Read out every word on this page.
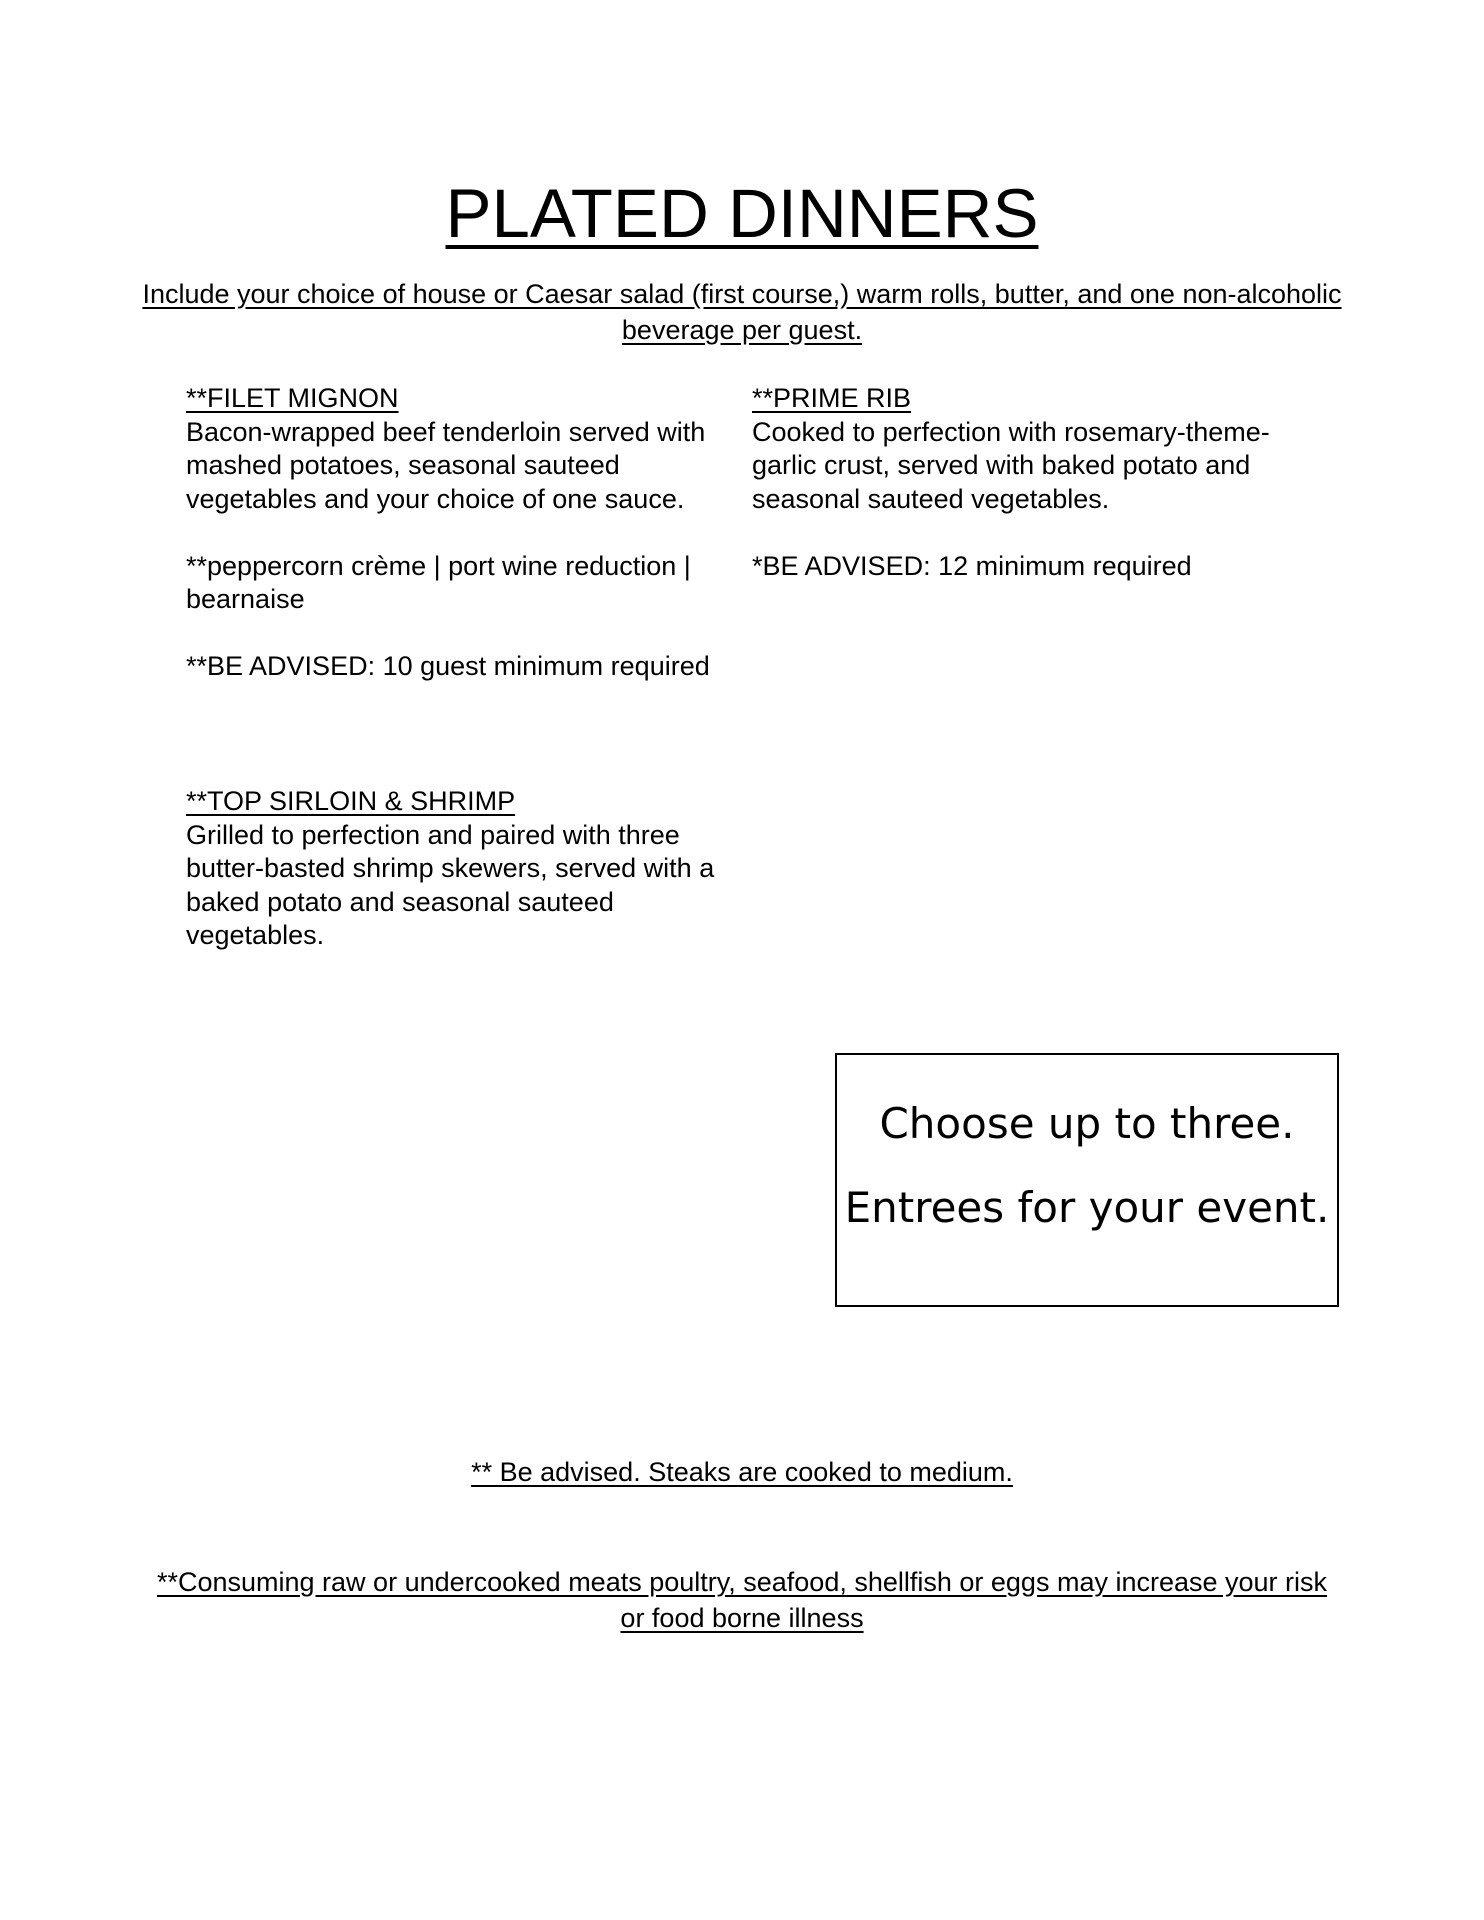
PLATED DINNERS
Include your choice of house or Caesar salad (first course,) warm rolls, butter, and one non-alcoholic beverage per guest.

**FILET MIGNON

Bacon-wrapped beef tenderloin served with mashed potatoes, seasonal sauteed vegetables and your choice of one sauce.

**peppercorn crème | port wine reduction | bearnaise

**BE ADVISED: 10 guest minimum required

**PRIME RIB

Cooked to perfection with rosemary-theme-garlic crust, served with baked potato and seasonal sauteed vegetables.

*BE ADVISED: 12 minimum required

**TOP SIRLOIN & SHRIMP

Grilled to perfection and paired with three butter-basted shrimp skewers, served with a baked potato and seasonal sauteed vegetables.

Choose up to three.
Entrees for your event.
** Be advised. Steaks are cooked to medium.
**Consuming raw or undercooked meats poultry, seafood, shellfish or eggs may increase your risk or food borne illness
